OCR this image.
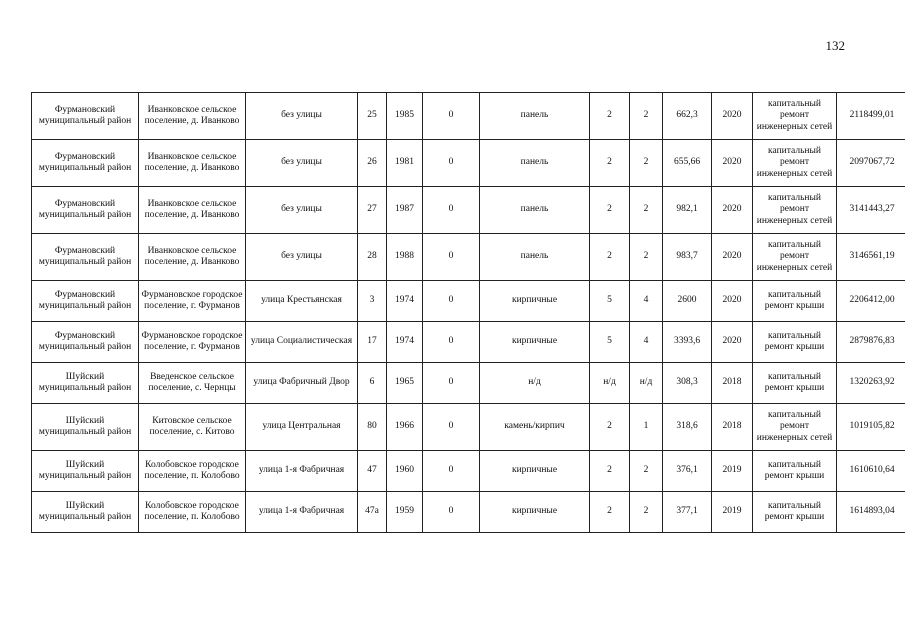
132
Фурмановский муниципальный район	Иванковское сельское поселение, д. Иванково	без улицы	25	1985	0	панель	2	2	662,3	2020	капитальный ремонт инженерных сетей	2118499,01
Фурмановский муниципальный район	Иванковское сельское поселение, д. Иванково	без улицы	26	1981	0	панель	2	2	655,66	2020	капитальный ремонт инженерных сетей	2097067,72
Фурмановский муниципальный район	Иванковское сельское поселение, д. Иванково	без улицы	27	1987	0	панель	2	2	982,1	2020	капитальный ремонт инженерных сетей	3141443,27
Фурмановский муниципальный район	Иванковское сельское поселение, д. Иванково	без улицы	28	1988	0	панель	2	2	983,7	2020	капитальный ремонт инженерных сетей	3146561,19
Фурмановский муниципальный район	Фурмановское городское поселение, г. Фурманов	улица Крестьянская	3	1974	0	кирпичные	5	4	2600	2020	капитальный ремонт крыши	2206412,00
Фурмановский муниципальный район	Фурмановское городское поселение, г. Фурманов	улица Социалистическая	17	1974	0	кирпичные	5	4	3393,6	2020	капитальный ремонт крыши	2879876,83
Шуйский муниципальный район	Введенское сельское поселение, с. Чернцы	улица Фабричный Двор	6	1965	0	н/д	н/д	н/д	308,3	2018	капитальный ремонт крыши	1320263,92
Шуйский муниципальный район	Китовское сельское поселение, с. Китово	улица Центральная	80	1966	0	камень/кирпич	2	1	318,6	2018	капитальный ремонт инженерных сетей	1019105,82
Шуйский муниципальный район	Колобовское городское поселение, п. Колобово	улица 1-я Фабричная	47	1960	0	кирпичные	2	2	376,1	2019	капитальный ремонт крыши	1610610,64
Шуйский муниципальный район	Колобовское городское поселение, п. Колобово	улица 1-я Фабричная	47а	1959	0	кирпичные	2	2	377,1	2019	капитальный ремонт крыши	1614893,04
